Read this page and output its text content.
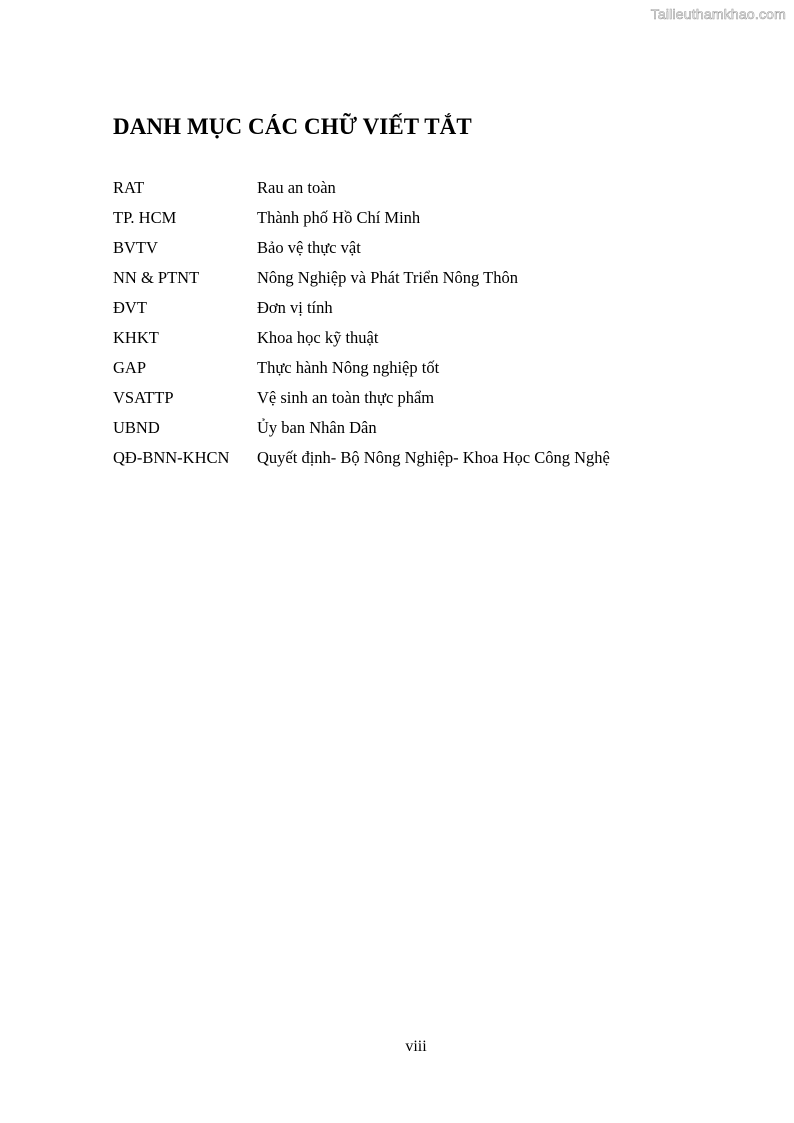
Tailieuthamkhao.com
DANH MỤC CÁC CHỮ VIẾT TẮT
RAT	Rau an toàn
TP. HCM	Thành phố Hồ Chí Minh
BVTV	Bảo vệ thực vật
NN & PTNT	Nông Nghiệp và Phát Triển Nông Thôn
ĐVT	Đơn vị tính
KHKT	Khoa học kỹ thuật
GAP	Thực hành Nông nghiệp tốt
VSATTP	Vệ sinh an toàn thực phẩm
UBND	Ủy ban Nhân Dân
QĐ-BNN-KHCN	Quyết định- Bộ Nông Nghiệp- Khoa Học Công Nghệ
viii
